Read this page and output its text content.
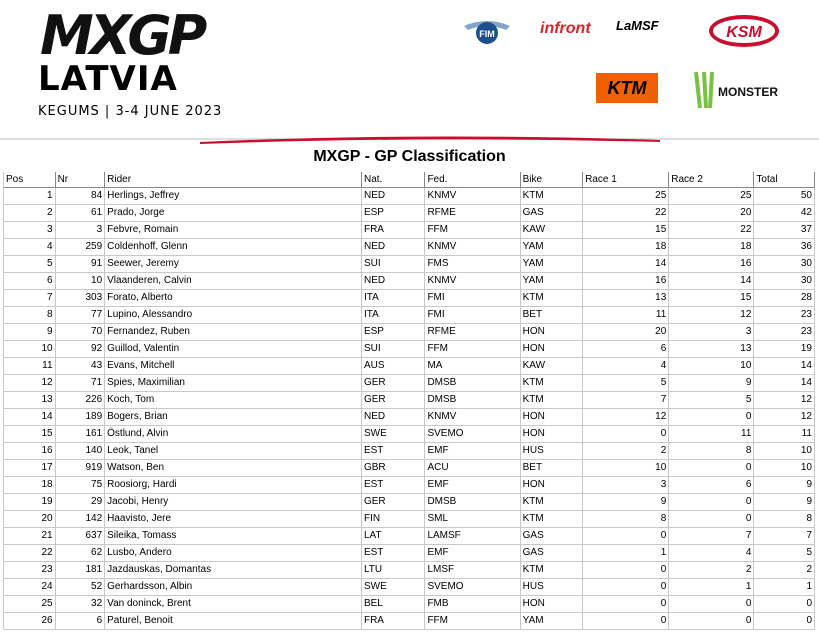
MXGP
LATVIA
KEGUMS | 3-4 JUNE 2023
FIM	infront LaMSF	KSM
KTM	MONSTER
MXGP - GP Classification
Pos	Nr	Rider	Nat.	Fed.	Bike	Race 1	Race 2	Total
1	84	Herlings, Jeffrey	NED	KNMV	KTM	25	25	50
2	61	Prado, Jorge	ESP	RFME	GAS	22	20	42
3	3	Febvre, Romain	FRA	FFM	KAW	15	22	37
4	259	Coldenhoff, Glenn	NED	KNMV	YAM	18	18	36
5	91	Seewer, Jeremy	SUI	FMS	YAM	14	16	30
6	10	Vlaanderen, Calvin	NED	KNMV	YAM	16	14	30
7	303	Forato, Alberto	ITA	FMI	KTM	13	15	28
8	77	Lupino, Alessandro	ITA	FMI	BET	11	12	23
9	70	Fernandez, Ruben	ESP	RFME	HON	20	3	23
10	92	Guillod, Valentin	SUI	FFM	HON	6	13	19
11	43	Evans, Mitchell	AUS	MA	KAW	4	10	14
12	71	Spies, Maximilian	GER	DMSB	KTM	5	9	14
13	226	Koch, Tom	GER	DMSB	KTM	7	5	12
14	189	Bogers, Brian	NED	KNMV	HON	12	0	12
15	161	Östlund, Alvin	SWE	SVEMO	HON	0	11	11
16	140	Leok, Tanel	EST	EMF	HUS	2	8	10
17	919	Watson, Ben	GBR	ACU	BET	10	0	10
18	75	Roosiorg, Hardi	EST	EMF	HON	3	6	9
19	29	Jacobi, Henry	GER	DMSB	KTM	9	0	9
20	142	Haavisto, Jere	FIN	SML	KTM	8	0	8
21	637	Sileika, Tomass	LAT	LAMSF	GAS	0	7	7
22	62	Lusbo, Andero	EST	EMF	GAS	1	4	5
23	181	Jazdauskas, Domantas	LTU	LMSF	KTM	0	2	2
24	52	Gerhardsson, Albin	SWE	SVEMO	HUS	0	1	1
25	32	Van doninck, Brent	BEL	FMB	HON	0	0	0
26	6	Paturel, Benoit	FRA	FFM	YAM	0	0	0
